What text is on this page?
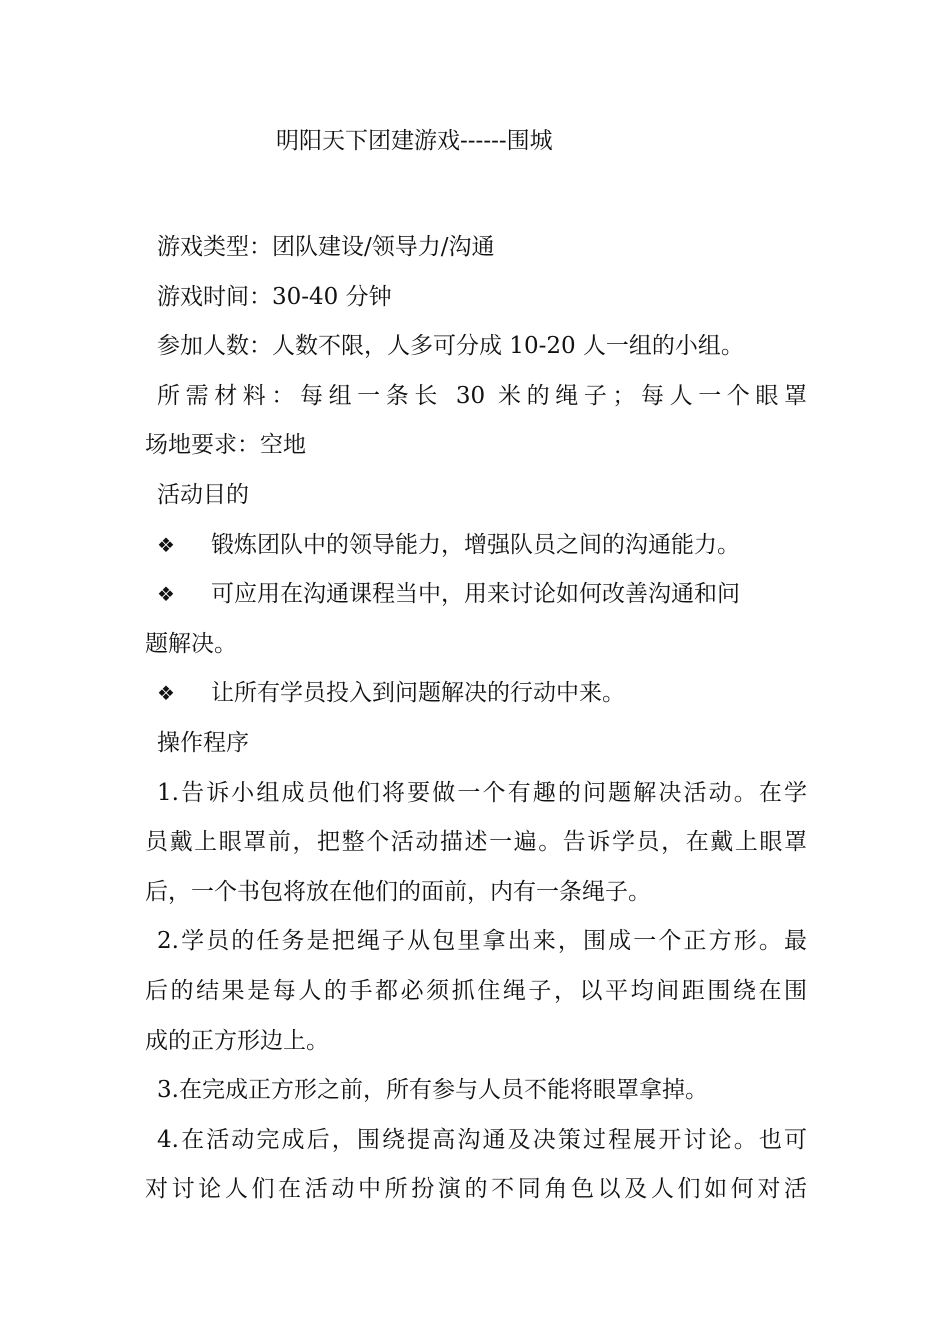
明阳天下团建游戏------围城
游戏类型：团队建设/领导力/沟通
游戏时间：30-40 分钟
参加人数：人数不限，人多可分成 10-20 人一组的小组。
所需材料：每组一条长 30 米的绳子；每人一个眼罩
场地要求：空地
活动目的
❖	锻炼团队中的领导能力，增强队员之间的沟通能力。
❖	可应用在沟通课程当中，用来讨论如何改善沟通和问
题解决。
❖	让所有学员投入到问题解决的行动中来。
操作程序
1.告诉小组成员他们将要做一个有趣的问题解决活动。在学
员戴上眼罩前，把整个活动描述一遍。告诉学员，在戴上眼罩
后，一个书包将放在他们的面前，内有一条绳子。
2.学员的任务是把绳子从包里拿出来，围成一个正方形。最
后的结果是每人的手都必须抓住绳子，以平均间距围绕在围
成的正方形边上。
3.在完成正方形之前，所有参与人员不能将眼罩拿掉。
4.在活动完成后，围绕提高沟通及决策过程展开讨论。也可
对讨论人们在活动中所扮演的不同角色以及人们如何对活
